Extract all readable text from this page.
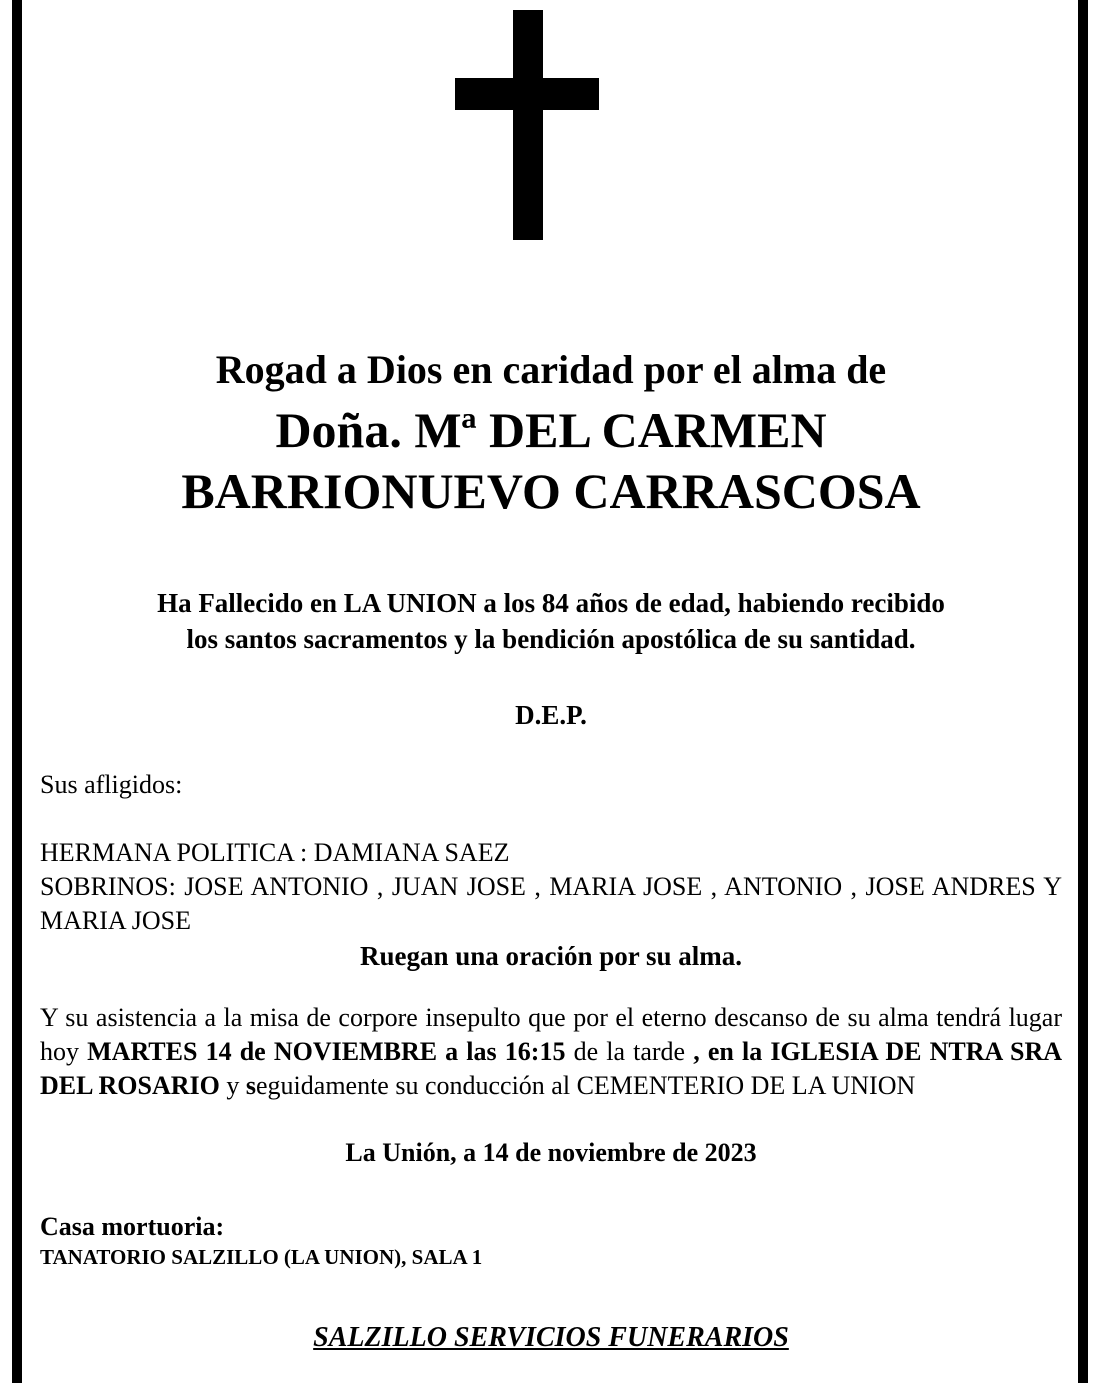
Rogad a Dios en caridad por el alma de
Doña. Mª DEL CARMEN
BARRIONUEVO CARRASCOSA
Ha Fallecido en LA UNION a los 84 años de edad, habiendo recibido
los santos sacramentos y la bendición apostólica de su santidad.
D.E.P.
Sus afligidos:
HERMANA POLITICA : DAMIANA SAEZ
SOBRINOS: JOSE ANTONIO , JUAN JOSE , MARIA JOSE , ANTONIO , JOSE ANDRES Y MARIA JOSE
Ruegan una oración por su alma.
Y su asistencia a la misa de corpore insepulto que por el eterno descanso de su alma tendrá lugar hoy MARTES 14 de NOVIEMBRE a las 16:15 de la tarde , en la IGLESIA DE NTRA SRA DEL ROSARIO y seguidamente su conducción al CEMENTERIO DE LA UNION
La Unión, a 14 de noviembre de 2023
Casa mortuoria:
TANATORIO SALZILLO (LA UNION), SALA 1
SALZILLO SERVICIOS FUNERARIOS
